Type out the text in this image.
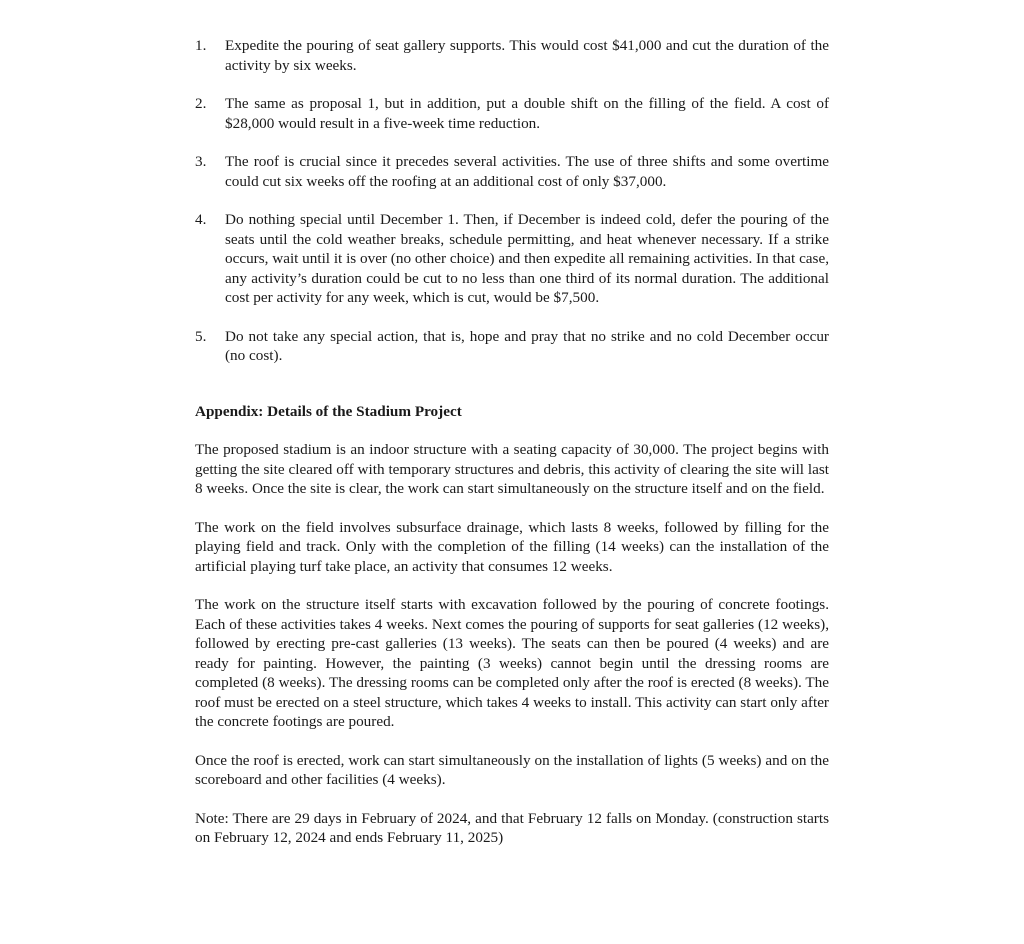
1.	Expedite the pouring of seat gallery supports. This would cost $41,000 and cut the duration of the activity by six weeks.
2.	The same as proposal 1, but in addition, put a double shift on the filling of the field. A cost of $28,000 would result in a five-week time reduction.
3.	The roof is crucial since it precedes several activities. The use of three shifts and some overtime could cut six weeks off the roofing at an additional cost of only $37,000.
4.	Do nothing special until December 1. Then, if December is indeed cold, defer the pouring of the seats until the cold weather breaks, schedule permitting, and heat whenever necessary. If a strike occurs, wait until it is over (no other choice) and then expedite all remaining activities. In that case, any activity’s duration could be cut to no less than one third of its normal duration. The additional cost per activity for any week, which is cut, would be $7,500.
5.	Do not take any special action, that is, hope and pray that no strike and no cold December occur (no cost).
Appendix: Details of the Stadium Project

The proposed stadium is an indoor structure with a seating capacity of 30,000. The project begins with getting the site cleared off with temporary structures and debris, this activity of clearing the site will last 8 weeks. Once the site is clear, the work can start simultaneously on the structure itself and on the field.

The work on the field involves subsurface drainage, which lasts 8 weeks, followed by filling for the playing field and track. Only with the completion of the filling (14 weeks) can the installation of the artificial playing turf take place, an activity that consumes 12 weeks.

The work on the structure itself starts with excavation followed by the pouring of concrete footings. Each of these activities takes 4 weeks. Next comes the pouring of supports for seat galleries (12 weeks), followed by erecting pre-cast galleries (13 weeks). The seats can then be poured (4 weeks) and are ready for painting. However, the painting (3 weeks) cannot begin until the dressing rooms are completed (8 weeks). The dressing rooms can be completed only after the roof is erected (8 weeks). The roof must be erected on a steel structure, which takes 4 weeks to install. This activity can start only after the concrete footings are poured.

Once the roof is erected, work can start simultaneously on the installation of lights (5 weeks) and on the scoreboard and other facilities (4 weeks).

Note: There are 29 days in February of 2024, and that February 12 falls on Monday. (construction starts on February 12, 2024 and ends February 11, 2025)
